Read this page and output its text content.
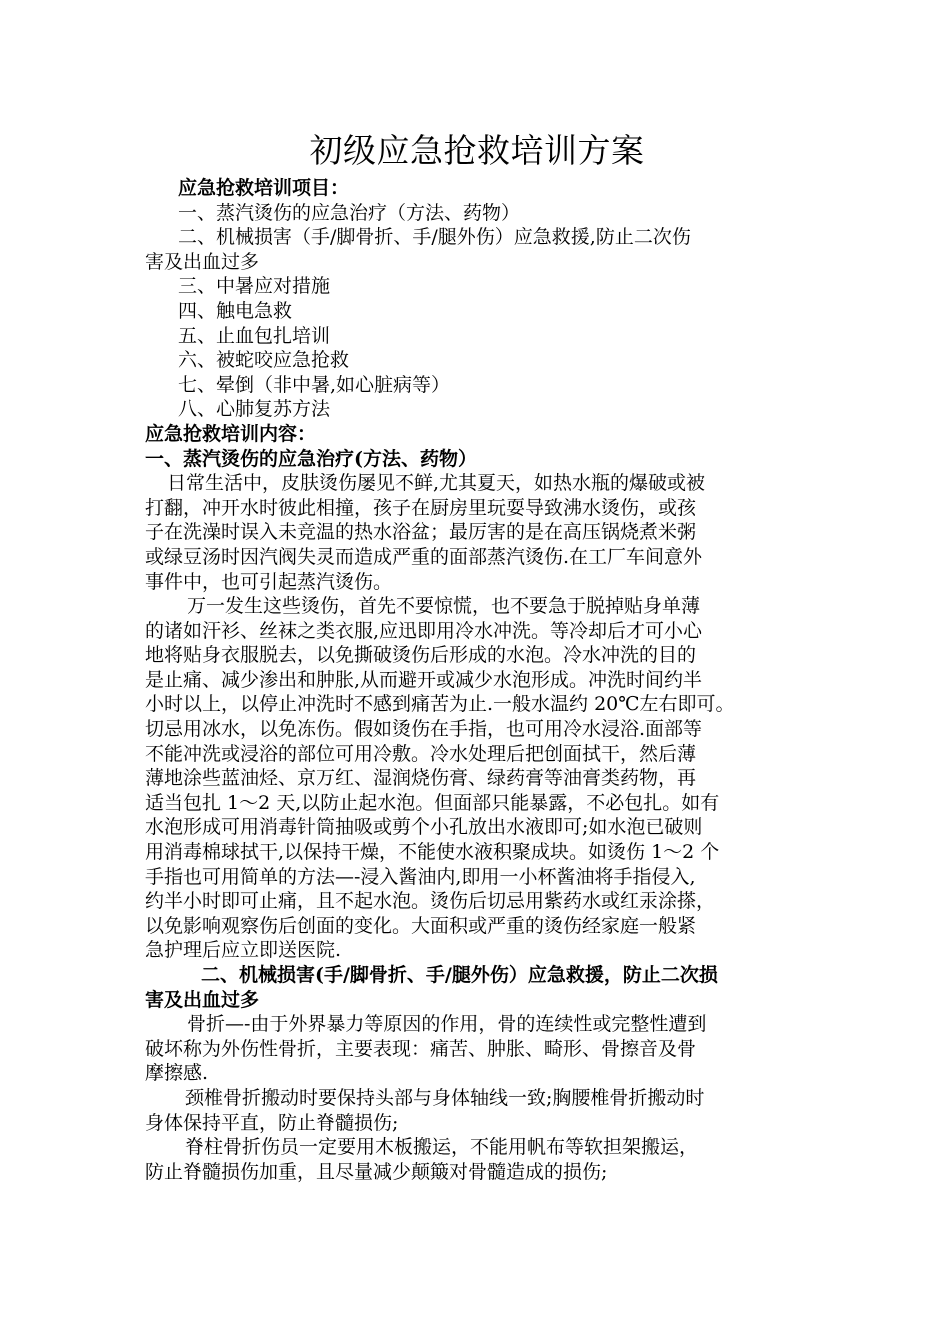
初级应急抢救培训方案

应急抢救培训项目：

一、蒸汽烫伤的应急治疗（方法、药物）

二、机械损害（手/脚骨折、手/腿外伤）应急救援,防止二次伤

害及出血过多

三、中暑应对措施

四、触电急救

五、止血包扎培训

六、被蛇咬应急抢救

七、晕倒（非中暑,如心脏病等）

八、心肺复苏方法

应急抢救培训内容：

一、蒸汽烫伤的应急治疗(方法、药物）

日常生活中，皮肤烫伤屡见不鲜,尤其夏天，如热水瓶的爆破或被

打翻，冲开水时彼此相撞，孩子在厨房里玩耍导致沸水烫伤，或孩

子在洗澡时误入未竞温的热水浴盆；最厉害的是在高压锅烧煮米粥

或绿豆汤时因汽阀失灵而造成严重的面部蒸汽烫伤.在工厂车间意外

事件中，也可引起蒸汽烫伤。

万一发生这些烫伤，首先不要惊慌，也不要急于脱掉贴身单薄

的诸如汗衫、丝袜之类衣服,应迅即用冷水冲洗。等冷却后才可小心

地将贴身衣服脱去，以免撕破烫伤后形成的水泡。冷水冲洗的目的

是止痛、减少渗出和肿胀,从而避开或减少水泡形成。冲洗时间约半

小时以上，以停止冲洗时不感到痛苦为止.一般水温约 20℃左右即可。

切忌用冰水，以免冻伤。假如烫伤在手指，也可用冷水浸浴.面部等

不能冲洗或浸浴的部位可用冷敷。冷水处理后把创面拭干，然后薄

薄地涂些蓝油烃、京万红、湿润烧伤膏、绿药膏等油膏类药物，再

适当包扎 1～2 天,以防止起水泡。但面部只能暴露，不必包扎。如有

水泡形成可用消毒针筒抽吸或剪个小孔放出水液即可;如水泡已破则

用消毒棉球拭干,以保持干燥，不能使水液积聚成块。如烫伤 1～2 个

手指也可用简单的方法—-浸入酱油内,即用一小杯酱油将手指侵入,

约半小时即可止痛，且不起水泡。烫伤后切忌用紫药水或红汞涂搽，

以免影响观察伤后创面的变化。大面积或严重的烫伤经家庭一般紧

急护理后应立即送医院.

二、机械损害(手/脚骨折、手/腿外伤）应急救援，防止二次损

害及出血过多

骨折—-由于外界暴力等原因的作用，骨的连续性或完整性遭到

破坏称为外伤性骨折，主要表现：痛苦、肿胀、畸形、骨擦音及骨

摩擦感.

颈椎骨折搬动时要保持头部与身体轴线一致;胸腰椎骨折搬动时

身体保持平直，防止脊髓损伤;

脊柱骨折伤员一定要用木板搬运，不能用帆布等软担架搬运，

防止脊髓损伤加重，且尽量减少颠簸对骨髓造成的损伤;
